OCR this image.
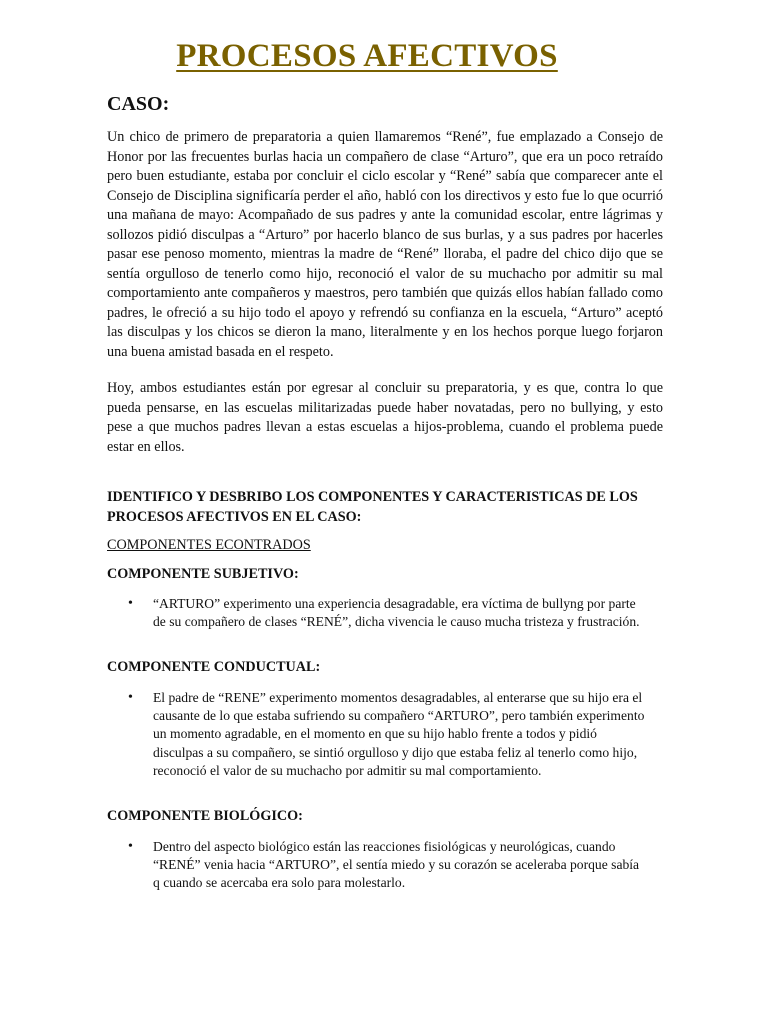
PROCESOS AFECTIVOS
CASO:

Un chico de primero de preparatoria a quien llamaremos “René”, fue emplazado a Consejo de Honor por las frecuentes burlas hacia un compañero de clase “Arturo”, que era un poco retraído pero buen estudiante, estaba por concluir el ciclo escolar y “René” sabía que comparecer ante el Consejo de Disciplina significaría perder el año, habló con los directivos y esto fue lo que ocurrió una mañana de mayo: Acompañado de sus padres y ante la comunidad escolar, entre lágrimas y sollozos pidió disculpas a “Arturo” por hacerlo blanco de sus burlas, y a sus padres por hacerles pasar ese penoso momento, mientras la madre de “René” lloraba, el padre del chico dijo que se sentía orgulloso de tenerlo como hijo, reconoció el valor de su muchacho por admitir su mal comportamiento ante compañeros y maestros, pero también que quizás ellos habían fallado como padres, le ofreció a su hijo todo el apoyo y refrendó su confianza en la escuela, “Arturo” aceptó las disculpas y los chicos se dieron la mano, literalmente y en los hechos porque luego forjaron una buena amistad basada en el respeto.

Hoy, ambos estudiantes están por egresar al concluir su preparatoria, y es que, contra lo que pueda pensarse, en las escuelas militarizadas puede haber novatadas, pero no bullying, y esto pese a que muchos padres llevan a estas escuelas a hijos-problema, cuando el problema puede estar en ellos.

IDENTIFICO Y DESBRIBO LOS COMPONENTES Y CARACTERISTICAS DE LOS PROCESOS AFECTIVOS EN EL CASO:

COMPONENTES ECONTRADOS

COMPONENTE SUBJETIVO:

• “ARTURO” experimento una experiencia desagradable, era víctima de bullyng por parte de su compañero de clases “RENÉ”, dicha vivencia le causo mucha tristeza y frustración.

COMPONENTE CONDUCTUAL:

• El padre de “RENE” experimento momentos desagradables, al enterarse que su hijo era el causante de lo que estaba sufriendo su compañero “ARTURO”, pero también experimento un momento agradable, en el momento en que su hijo hablo frente a todos y pidió disculpas a su compañero, se sintió orgulloso y dijo que estaba feliz al tenerlo como hijo, reconoció el valor de su muchacho por admitir su mal comportamiento.

COMPONENTE BIOLÓGICO:

• Dentro del aspecto biológico están las reacciones fisiológicas y neurológicas, cuando “RENÉ” venia hacia “ARTURO”, el sentía miedo y su corazón se aceleraba porque sabía q cuando se acercaba era solo para molestarlo.
